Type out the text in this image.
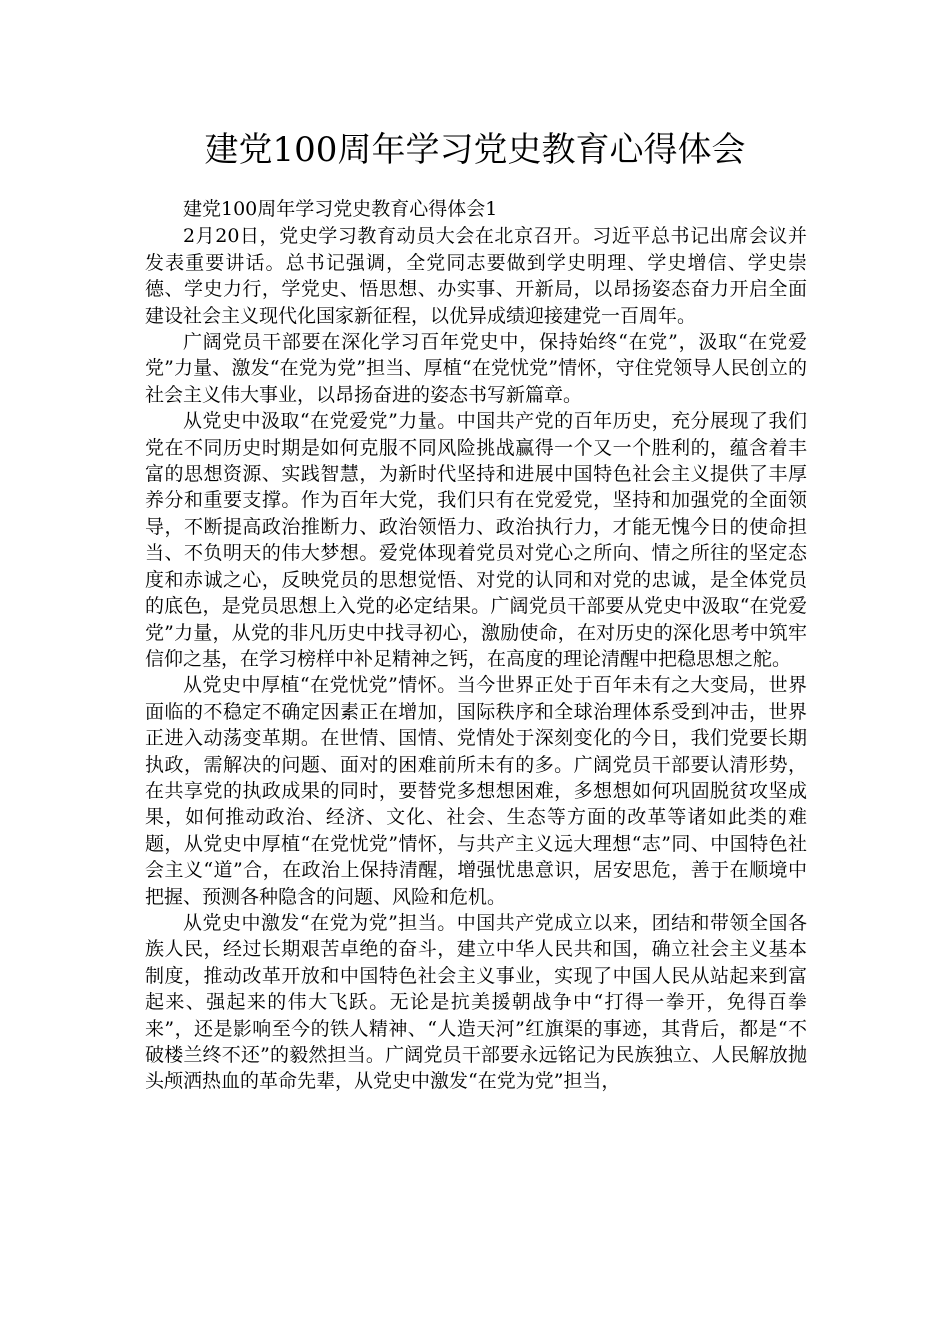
建党100周年学习党史教育心得体会

建党100周年学习党史教育心得体会1

2月20日，党史学习教育动员大会在北京召开。习近平总书记出席会议并发表重要讲话。总书记强调，全党同志要做到学史明理、学史增信、学史崇德、学史力行，学党史、悟思想、办实事、开新局，以昂扬姿态奋力开启全面建设社会主义现代化国家新征程，以优异成绩迎接建党一百周年。

广阔党员干部要在深化学习百年党史中，保持始终“在党”，汲取“在党爱党”力量、激发“在党为党”担当、厚植“在党忧党”情怀，守住党领导人民创立的社会主义伟大事业，以昂扬奋进的姿态书写新篇章。

从党史中汲取“在党爱党”力量。中国共产党的百年历史，充分展现了我们党在不同历史时期是如何克服不同风险挑战赢得一个又一个胜利的，蕴含着丰富的思想资源、实践智慧，为新时代坚持和进展中国特色社会主义提供了丰厚养分和重要支撑。作为百年大党，我们只有在党爱党，坚持和加强党的全面领导，不断提高政治推断力、政治领悟力、政治执行力，才能无愧今日的使命担当、不负明天的伟大梦想。爱党体现着党员对党心之所向、情之所往的坚定态度和赤诚之心，反映党员的思想觉悟、对党的认同和对党的忠诚，是全体党员的底色，是党员思想上入党的必定结果。广阔党员干部要从党史中汲取“在党爱党”力量，从党的非凡历史中找寻初心，激励使命，在对历史的深化思考中筑牢信仰之基，在学习榜样中补足精神之钙，在高度的理论清醒中把稳思想之舵。

从党史中厚植“在党忧党”情怀。当今世界正处于百年未有之大变局，世界面临的不稳定不确定因素正在增加，国际秩序和全球治理体系受到冲击，世界正进入动荡变革期。在世情、国情、党情处于深刻变化的今日，我们党要长期执政，需解决的问题、面对的困难前所未有的多。广阔党员干部要认清形势，在共享党的执政成果的同时，要替党多想想困难，多想想如何巩固脱贫攻坚成果，如何推动政治、经济、文化、社会、生态等方面的改革等诸如此类的难题，从党史中厚植“在党忧党”情怀，与共产主义远大理想“志”同、中国特色社会主义“道”合，在政治上保持清醒，增强忧患意识，居安思危，善于在顺境中把握、预测各种隐含的问题、风险和危机。

从党史中激发“在党为党”担当。中国共产党成立以来，团结和带领全国各族人民，经过长期艰苦卓绝的奋斗，建立中华人民共和国，确立社会主义基本制度，推动改革开放和中国特色社会主义事业，实现了中国人民从站起来到富起来、强起来的伟大飞跃。无论是抗美援朝战争中“打得一拳开，免得百拳来”，还是影响至今的铁人精神、“人造天河”红旗渠的事迹，其背后，都是“不破楼兰终不还”的毅然担当。广阔党员干部要永远铭记为民族独立、人民解放抛头颅洒热血的革命先辈，从党史中激发“在党为党”担当，
